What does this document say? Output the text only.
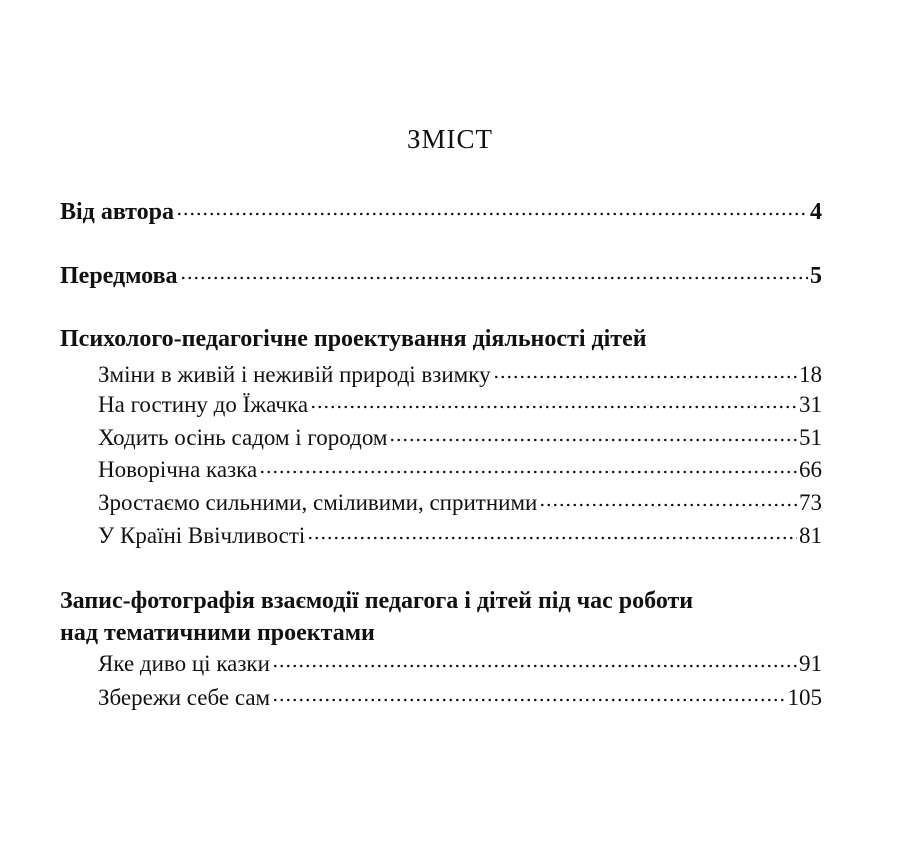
ЗМІСТ
Від автора	4
Передмова	5
Психолого-педагогічне проектування діяльності дітей
Зміни в живій і неживій природі взимку	18
На гостину до Їжачка	31
Ходить осінь садом і городом	51
Новорічна казка	66
Зростаємо сильними, сміливими, спритними	73
У Країні Ввічливості	81
Запис-фотографія взаємодії педагога і дітей під час роботи
над тематичними проектами
Яке диво ці казки	91
Збережи себе сам	105
